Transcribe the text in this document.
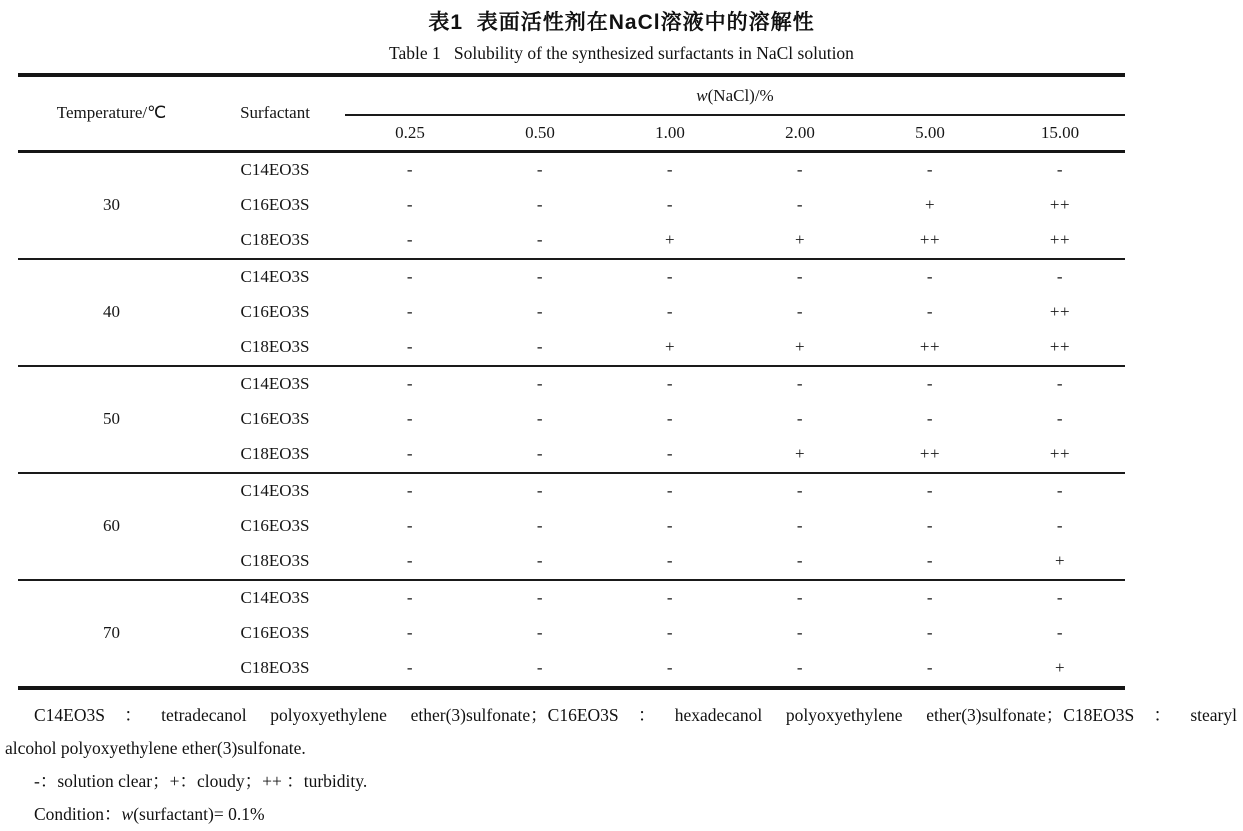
表1  表面活性剂在NaCl溶液中的溶解性
Table 1   Solubility of the synthesized surfactants in NaCl solution
Temperature/℃	Surfactant	w(NaCl)/%					
		0.25	0.50	1.00	2.00	5.00	15.00
30	C14EO3S	-	-	-	-	-	-
	C16EO3S	-	-	-	-	+	++
	C18EO3S	-	-	+	+	++	++
40	C14EO3S	-	-	-	-	-	-
	C16EO3S	-	-	-	-	-	++
	C18EO3S	-	-	+	+	++	++
50	C14EO3S	-	-	-	-	-	-
	C16EO3S	-	-	-	-	-	-
	C18EO3S	-	-	-	+	++	++
60	C14EO3S	-	-	-	-	-	-
	C16EO3S	-	-	-	-	-	-
	C18EO3S	-	-	-	-	-	+
70	C14EO3S	-	-	-	-	-	-
	C16EO3S	-	-	-	-	-	-
	C18EO3S	-	-	-	-	-	+
C14EO3S：tetradecanol polyoxyethylene ether(3)sulfonate；C16EO3S：hexadecanol polyoxyethylene ether(3)sulfonate；C18EO3S：stearyl
alcohol polyoxyethylene ether(3)sulfonate.
-：solution clear；+：cloudy；++ ：turbidity.
Condition：w(surfactant)= 0.1%
